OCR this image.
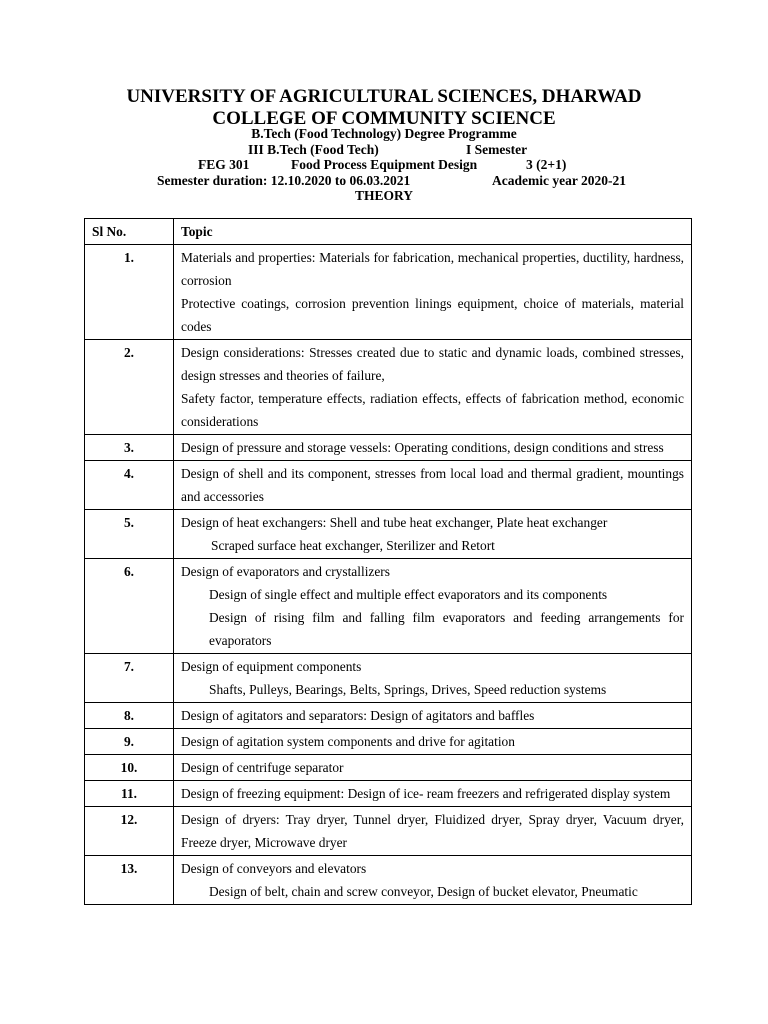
UNIVERSITY OF AGRICULTURAL SCIENCES, DHARWAD
COLLEGE OF COMMUNITY SCIENCE
B.Tech (Food Technology) Degree Programme
III B.Tech (Food Tech)	I Semester
FEG 301	Food Process Equipment Design	3 (2+1)
Semester duration: 12.10.2020 to 06.03.2021	Academic year 2020-21
THEORY
Sl No.	Topic
1.	Materials and properties: Materials for fabrication, mechanical properties, ductility, hardness, corrosion
Protective coatings, corrosion prevention linings equipment, choice of materials, material codes

2.	Design considerations: Stresses created due to static and dynamic loads, combined stresses, design stresses and theories of failure,
Safety factor, temperature effects, radiation effects, effects of fabrication method, economic considerations

3.	Design of pressure and storage vessels: Operating conditions, design conditions and stress

4.	Design of shell and its component, stresses from local load and thermal gradient, mountings and accessories

5.	Design of heat exchangers: Shell and tube heat exchanger, Plate heat exchanger
Scraped surface heat exchanger, Sterilizer and Retort

6.	Design of evaporators and crystallizers
Design of single effect and multiple effect evaporators and its components
Design of rising film and falling film evaporators and feeding arrangements for evaporators

7.	Design of equipment components
Shafts, Pulleys, Bearings, Belts, Springs, Drives, Speed reduction systems

8.	Design of agitators and separators: Design of agitators and baffles

9.	Design of agitation system components and drive for agitation

10.	Design of centrifuge separator

11.	Design of freezing equipment: Design of ice- ream freezers and refrigerated display system

12.	Design of dryers: Tray dryer, Tunnel dryer, Fluidized dryer, Spray dryer, Vacuum dryer, Freeze dryer, Microwave dryer

13.	Design of conveyors and elevators
Design of belt, chain and screw conveyor, Design of bucket elevator, Pneumatic
